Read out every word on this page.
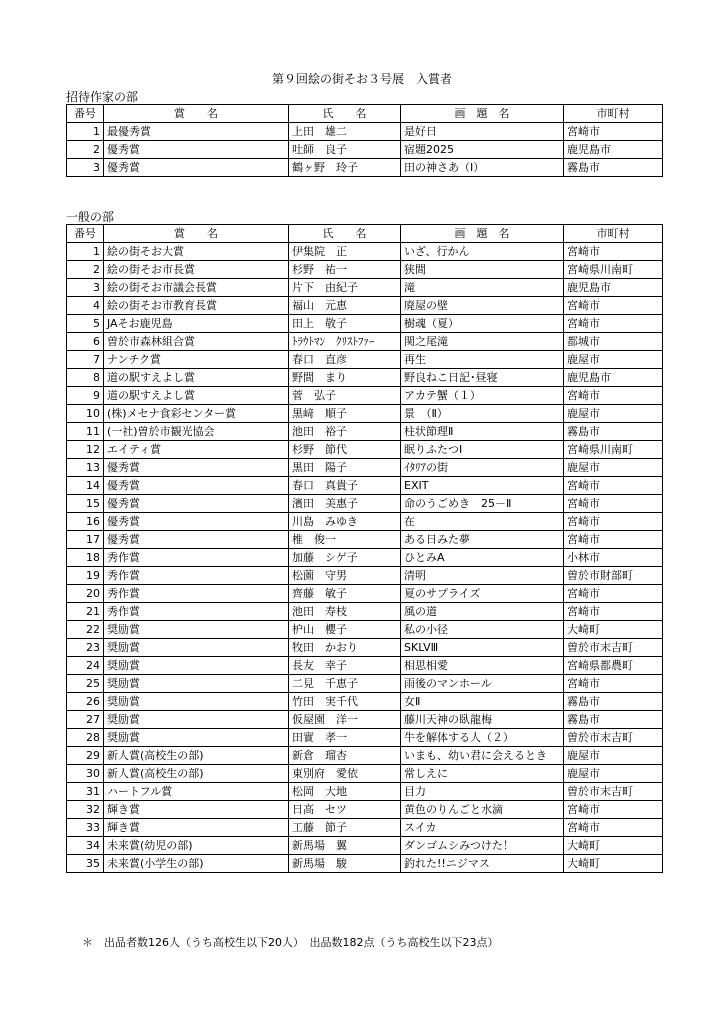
第９回絵の街そお３号展　入賞者
招待作家の部
番号	賞　　名	氏　　名	画　題　名	市町村
1	最優秀賞	上田　雄二	是好日	宮崎市
2	優秀賞	吐師　良子	宿題2025	鹿児島市
3	優秀賞	鶴ヶ野　玲子	田の神さあ（Ⅰ）	霧島市
一般の部
番号	賞　　名	氏　　名	画　題　名	市町村
1	絵の街そお大賞	伊集院　正	いざ、行かん	宮崎市
2	絵の街そお市長賞	杉野　祐一	狭間	宮崎県川南町
3	絵の街そお市議会長賞	片下　由紀子	滝	鹿児島市
4	絵の街そお市教育長賞	福山　元恵	廃屋の壁	宮崎市
5	JAそお鹿児島	田上　敬子	樹魂（夏）	宮崎市
6	曽於市森林組合賞	ﾄﾗｳﾄﾏﾝ　ｸﾘｽﾄﾌｧｰ	関之尾滝	都城市
7	ナンチク賞	春口　直彦	再生	鹿屋市
8	道の駅すえよし賞	野間　まり	野良ねこ日記･昼寝	鹿児島市
9	道の駅すえよし賞	菅　弘子	アカテ蟹（１）	宮崎市
10	(株)メセナ食彩センター賞	黒﨑　順子	景　（Ⅱ）	鹿屋市
11	(一社)曽於市観光協会	池田　裕子	柱状節理Ⅱ	霧島市
12	エイティ賞	杉野　節代	眠りふたつⅠ	宮崎県川南町
13	優秀賞	黒田　陽子	ｲﾀﾘｱの街	鹿屋市
14	優秀賞	春口　真貴子	EXIT	宮崎市
15	優秀賞	濱田　美惠子	命のうごめき　25－Ⅱ	宮崎市
16	優秀賞	川島　みゆき	在	宮崎市
17	優秀賞	椎　俊一	ある日みた夢	宮崎市
18	秀作賞	加藤　シゲ子	ひとみA	小林市
19	秀作賞	松薗　守男	清明	曽於市財部町
20	秀作賞	齊藤　敏子	夏のサプライズ	宮崎市
21	秀作賞	池田　寿枝	風の道	宮崎市
22	奨励賞	枦山　櫻子	私の小径	大崎町
23	奨励賞	牧田　かおり	SKLVⅢ	曽於市末吉町
24	奨励賞	長友　幸子	相思相愛	宮崎県都農町
25	奨励賞	二見　千恵子	雨後のマンホール	宮崎市
26	奨励賞	竹田　実千代	女Ⅱ	霧島市
27	奨励賞	仮屋園　洋一	藤川天神の臥龍梅	霧島市
28	奨励賞	田實　孝一	牛を解体する人（２）	曽於市末吉町
29	新人賞(高校生の部)	新倉　瑠杏	いまも、幼い君に会えるとき	鹿屋市
30	新人賞(高校生の部)	東別府　愛依	常しえに	鹿屋市
31	ハートフル賞	松岡　大地	目力	曽於市末吉町
32	輝き賞	日高　セツ	黄色のりんごと水滴	宮崎市
33	輝き賞	工藤　節子	スイカ	宮崎市
34	未来賞(幼児の部)	新馬場　翼	ダンゴムシみつけた！	大崎町
35	未来賞(小学生の部)	新馬場　駿	釣れた!!ニジマス	大崎町
＊　出品者数126人（うち高校生以下20人）　出品数182点（うち高校生以下23点）
